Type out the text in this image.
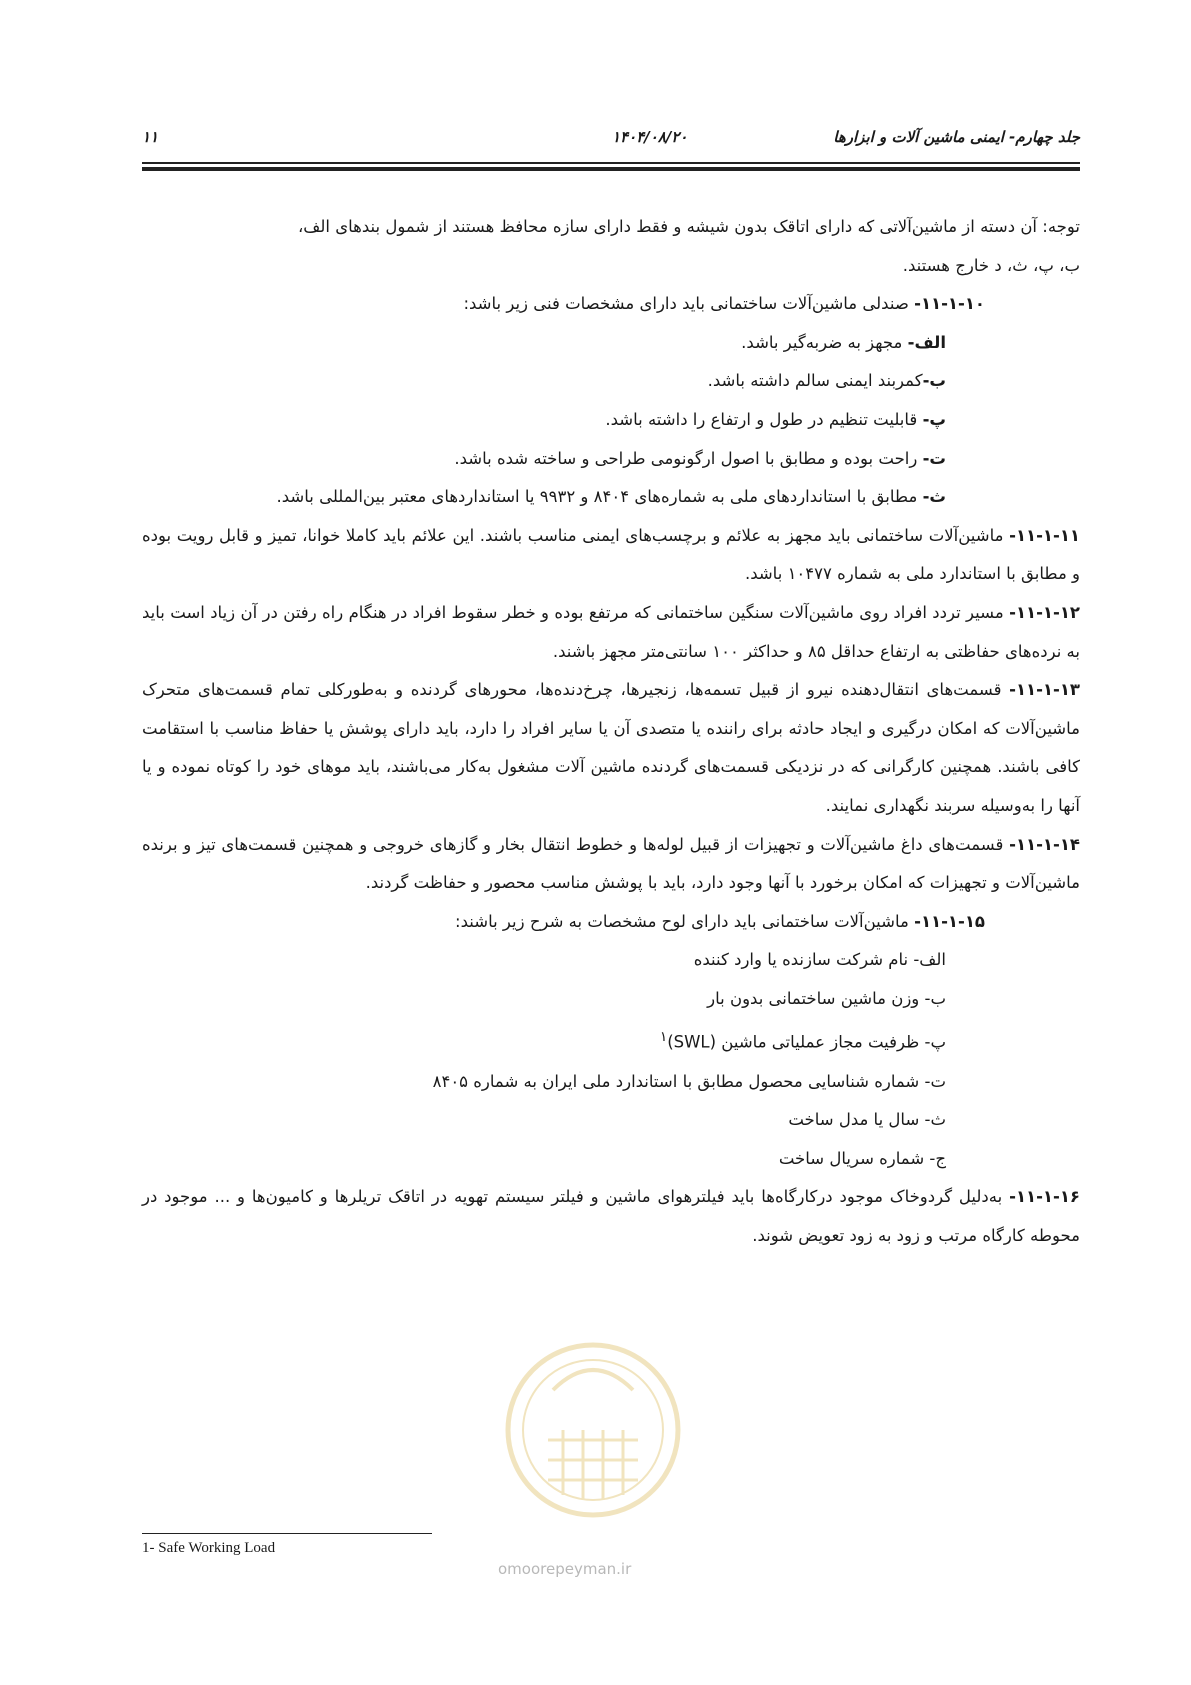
۱۱	۱۴۰۴/۰۸/۲۰	جلد چهارم- ایمنی ماشین آلات و ابزارها

توجه: آن دسته از ماشین‌آلاتی که دارای اتاقک بدون شیشه و فقط دارای سازه محافظ هستند از شمول بندهای الف،

ب، پ، ث، د خارج هستند.

۱۱-۱-۱۰- صندلی ماشین‌آلات ساختمانی باید دارای مشخصات فنی زیر باشد:

الف- مجهز به ضربه‌گیر باشد.

ب-کمربند ایمنی سالم داشته باشد.

پ- قابلیت تنظیم در طول و ارتفاع را داشته باشد.

ت- راحت بوده و مطابق با اصول ارگونومی طراحی و ساخته شده باشد.

ث- مطابق با استانداردهای ملی به شماره‌های ۸۴۰۴ و ۹۹۳۲ یا استانداردهای معتبر بین‌المللی باشد.

۱۱-۱-۱۱- ماشین‌آلات ساختمانی باید مجهز به علائم و برچسب‌های ایمنی مناسب باشند. این علائم باید کاملا خوانا، تمیز و قابل رویت بوده و مطابق با استاندارد ملی به شماره ۱۰۴۷۷ باشد.

۱۱-۱-۱۲- مسیر تردد افراد روی ماشین‌آلات سنگین ساختمانی که مرتفع بوده و خطر سقوط افراد در هنگام راه رفتن در آن زیاد است باید به نرده‌های حفاظتی به ارتفاع حداقل ۸۵ و حداکثر ۱۰۰ سانتی‌متر مجهز باشند.

۱۱-۱-۱۳- قسمت‌های انتقال‌دهنده نیرو از قبیل تسمه‌ها، زنجیرها، چرخ‌دنده‌ها، محورهای گردنده و به‌طورکلی تمام قسمت‌های متحرک ماشین‌آلات که امکان درگیری و ایجاد حادثه برای راننده یا متصدی آن یا سایر افراد را دارد، باید دارای پوشش یا حفاظ مناسب با استقامت کافی باشند. همچنین کارگرانی که در نزدیکی قسمت‌های گردنده ماشین آلات مشغول به‌کار می‌باشند، باید موهای خود را کوتاه نموده و یا آنها را به‌وسیله سربند نگهداری نمایند.

۱۱-۱-۱۴- قسمت‌های داغ ماشین‌آلات و تجهیزات از قبیل لوله‌ها و خطوط انتقال بخار و گازهای خروجی و همچنین قسمت‌های تیز و برنده ماشین‌آلات و تجهیزات که امکان برخورد با آنها وجود دارد، باید با پوشش مناسب محصور و حفاظت گردند.

۱۱-۱-۱۵- ماشین‌آلات ساختمانی باید دارای لوح مشخصات به شرح زیر باشند:

الف- نام شرکت سازنده یا وارد کننده

ب- وزن ماشین ساختمانی بدون بار

پ- ظرفیت مجاز عملیاتی ماشین (SWL)$^۱$

ت- شماره شناسایی محصول مطابق با استاندارد ملی ایران به شماره ۸۴۰۵

ث- سال یا مدل ساخت

ج- شماره سریال ساخت

۱۱-۱-۱۶- به‌دلیل گردوخاک موجود درکارگاه‌ها باید فیلترهوای ماشین و فیلتر سیستم تهویه در اتاقک تریلرها و کامیون‌ها و ... موجود در محوطه کارگاه مرتب و زود به زود تعویض شوند.

1- Safe Working Load
omoorepeyman.ir
